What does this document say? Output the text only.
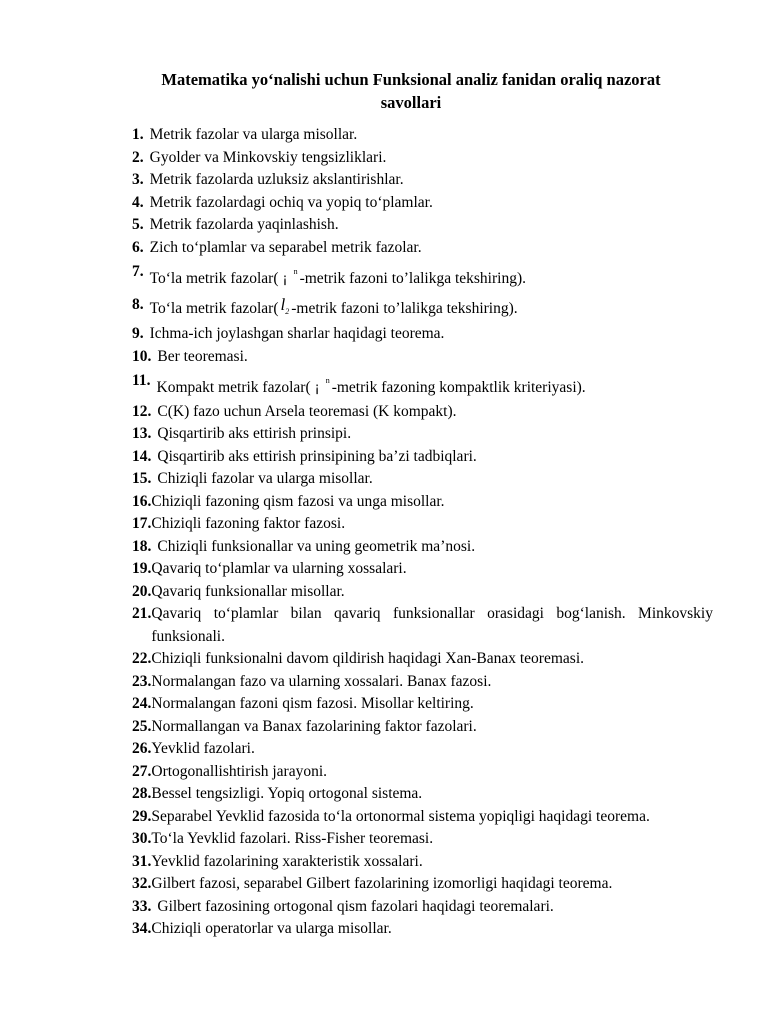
Matematika yo‘nalishi uchun Funksional analiz fanidan oraliq nazorat
savollari
1. Metrik fazolar va ularga misollar.
2. Gyolder va Minkovskiy tengsizliklari.
3. Metrik fazolarda uzluksiz akslantirishlar.
4. Metrik fazolardagi ochiq va yopiq to‘plamlar.
5. Metrik fazolarda yaqinlashish.
6. Zich to‘plamlar va separabel metrik fazolar.
7. To‘la metrik fazolar( ¡$^n$ -metrik fazoni to’lalikga tekshiring).
8. To‘la metrik fazolar( l2 -metrik fazoni to’lalikga tekshiring).
9. Ichma-ich joylashgan sharlar haqidagi teorema.
10. Ber teoremasi.
11. Kompakt metrik fazolar( ¡$^n$ -metrik fazoning kompaktlik kriteriyasi).
12. C(K) fazo uchun Arsela teoremasi (K kompakt).
13. Qisqartirib aks ettirish prinsipi.
14. Qisqartirib aks ettirish prinsipining ba’zi tadbiqlari.
15. Chiziqli fazolar va ularga misollar.
16. Chiziqli fazoning qism fazosi va unga misollar.
17. Chiziqli fazoning faktor fazosi.
18. Chiziqli funksionallar va uning geometrik ma’nosi.
19. Qavariq to‘plamlar va ularning xossalari.
20. Qavariq funksionallar misollar.
21. Qavariq to‘plamlar bilan qavariq funksionallar orasidagi bog‘lanish. Minkovskiy funksionali.
22. Chiziqli funksionalni davom qildirish haqidagi Xan-Banax teoremasi.
23. Normalangan fazo va ularning xossalari. Banax fazosi.
24. Normalangan fazoni qism fazosi. Misollar keltiring.
25. Normallangan va Banax fazolarining faktor fazolari.
26. Yevklid fazolari.
27. Ortogonallishtirish jarayoni.
28. Bessel tengsizligi. Yopiq ortogonal sistema.
29. Separabel Yevklid fazosida to‘la ortonormal sistema yopiqligi haqidagi teorema.
30. To‘la Yevklid fazolari. Riss-Fisher teoremasi.
31. Yevklid fazolarining xarakteristik xossalari.
32. Gilbert fazosi, separabel Gilbert fazolarining izomorligi haqidagi teorema.
33. Gilbert fazosining ortogonal qism fazolari haqidagi teoremalari.
34. Chiziqli operatorlar va ularga misollar.
